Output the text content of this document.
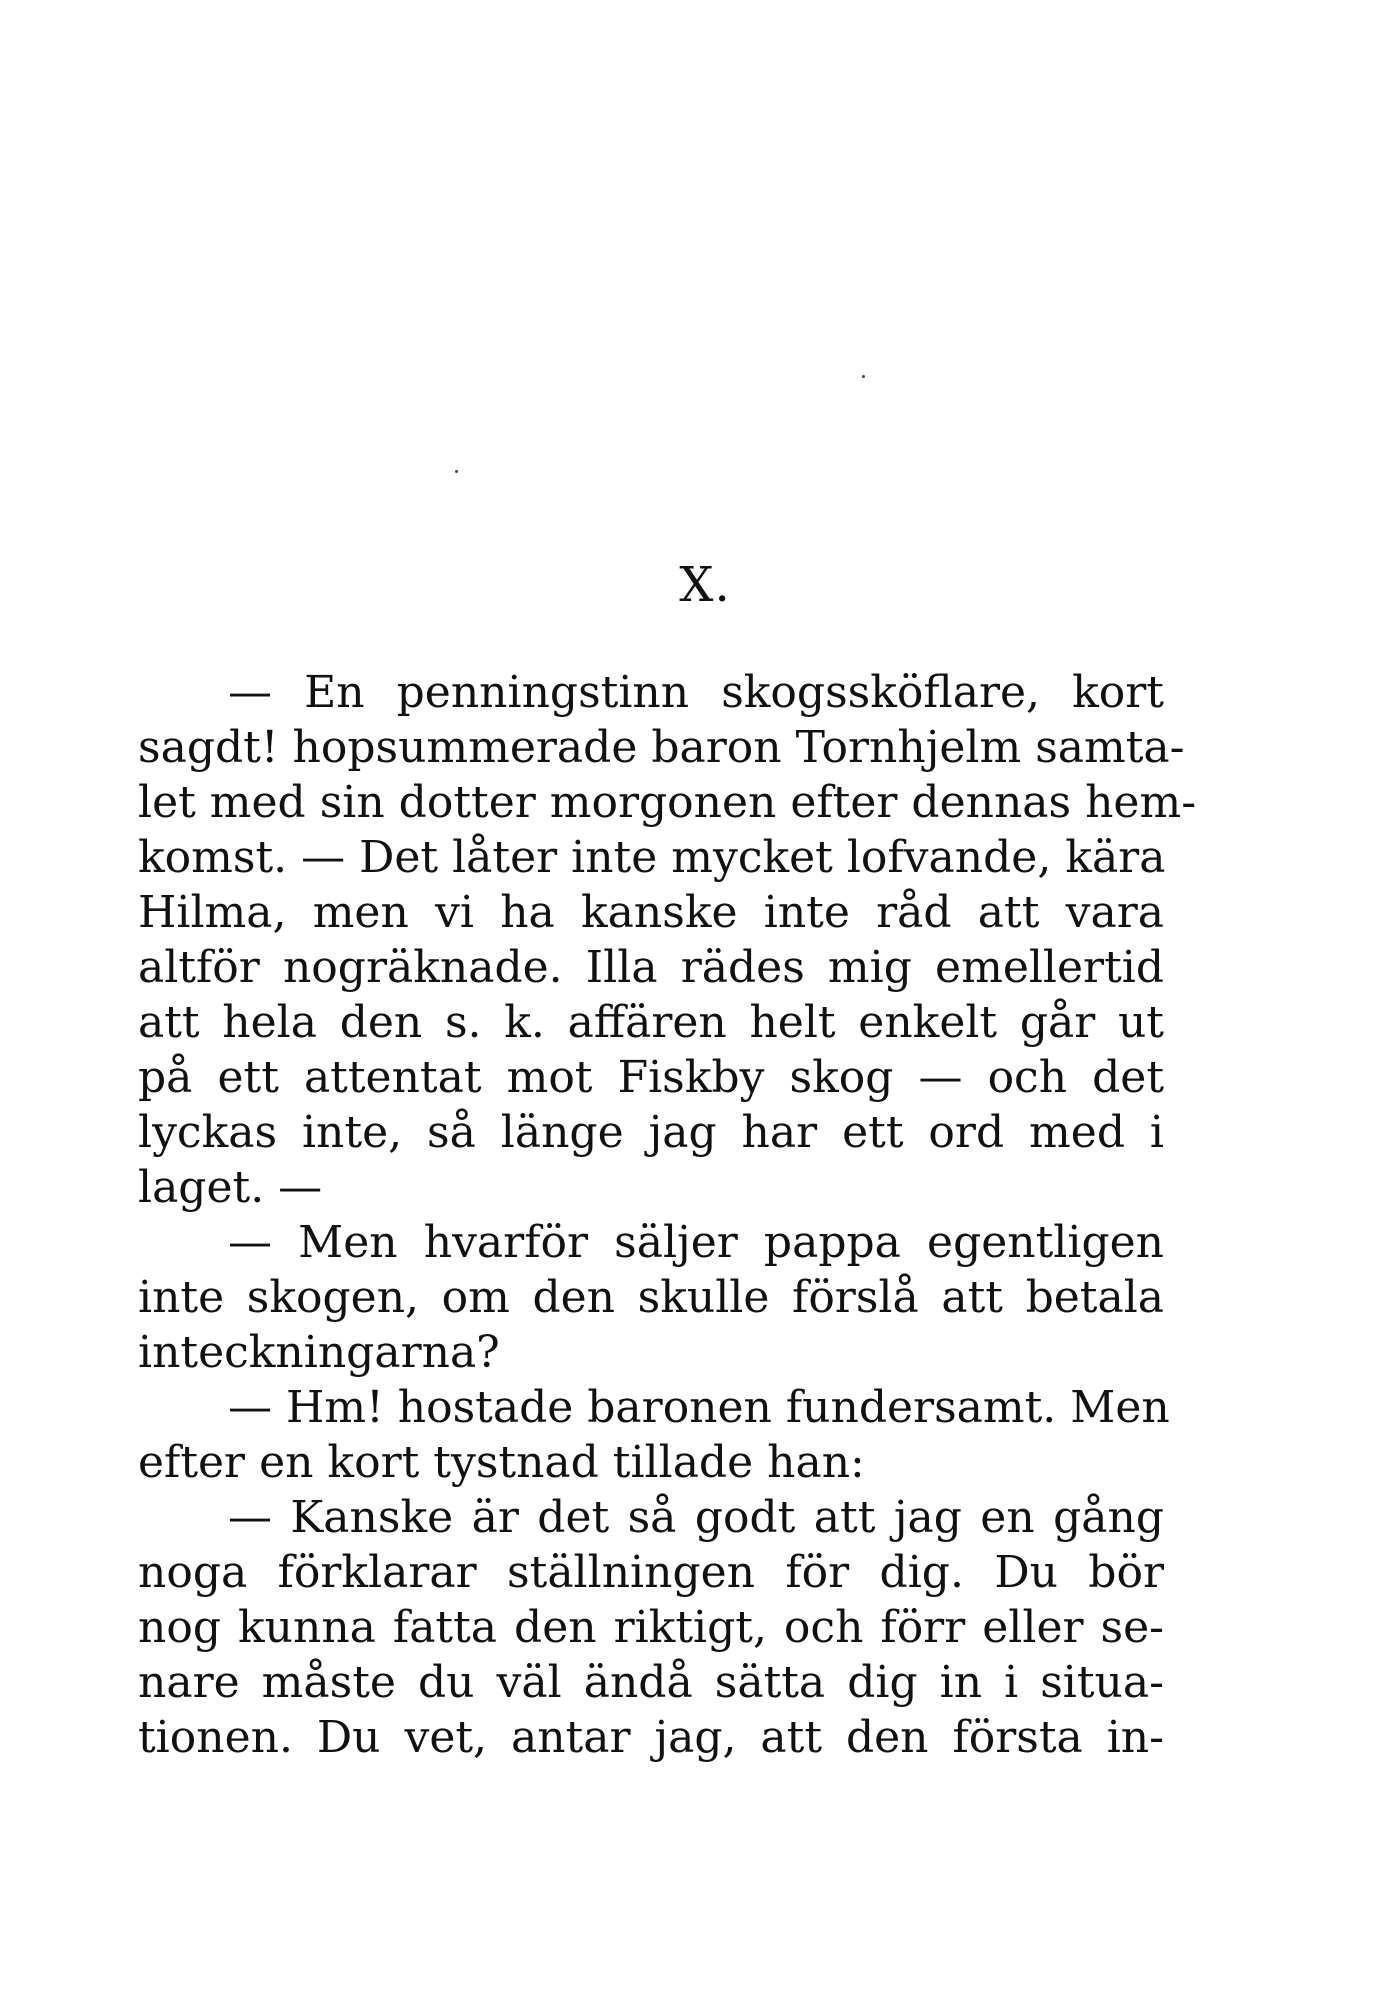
X.
— En penningstinn skogssköflare, kort
sagdt! hopsummerade baron Tornhjelm samta-
let med sin dotter morgonen efter dennas hem-
komst. — Det låter inte mycket lofvande, kära
Hilma, men vi ha kanske inte råd att vara
altför nogräknade. Illa rädes mig emellertid
att hela den s. k. affären helt enkelt går ut
på ett attentat mot Fiskby skog — och det
lyckas inte, så länge jag har ett ord med i
laget. —
— Men hvarför säljer pappa egentligen
inte skogen, om den skulle förslå att betala
inteckningarna?
— Hm! hostade baronen fundersamt. Men
efter en kort tystnad tillade han:
— Kanske är det så godt att jag en gång
noga förklarar ställningen för dig. Du bör
nog kunna fatta den riktigt, och förr eller se-
nare måste du väl ändå sätta dig in i situa-
tionen. Du vet, antar jag, att den första in-
